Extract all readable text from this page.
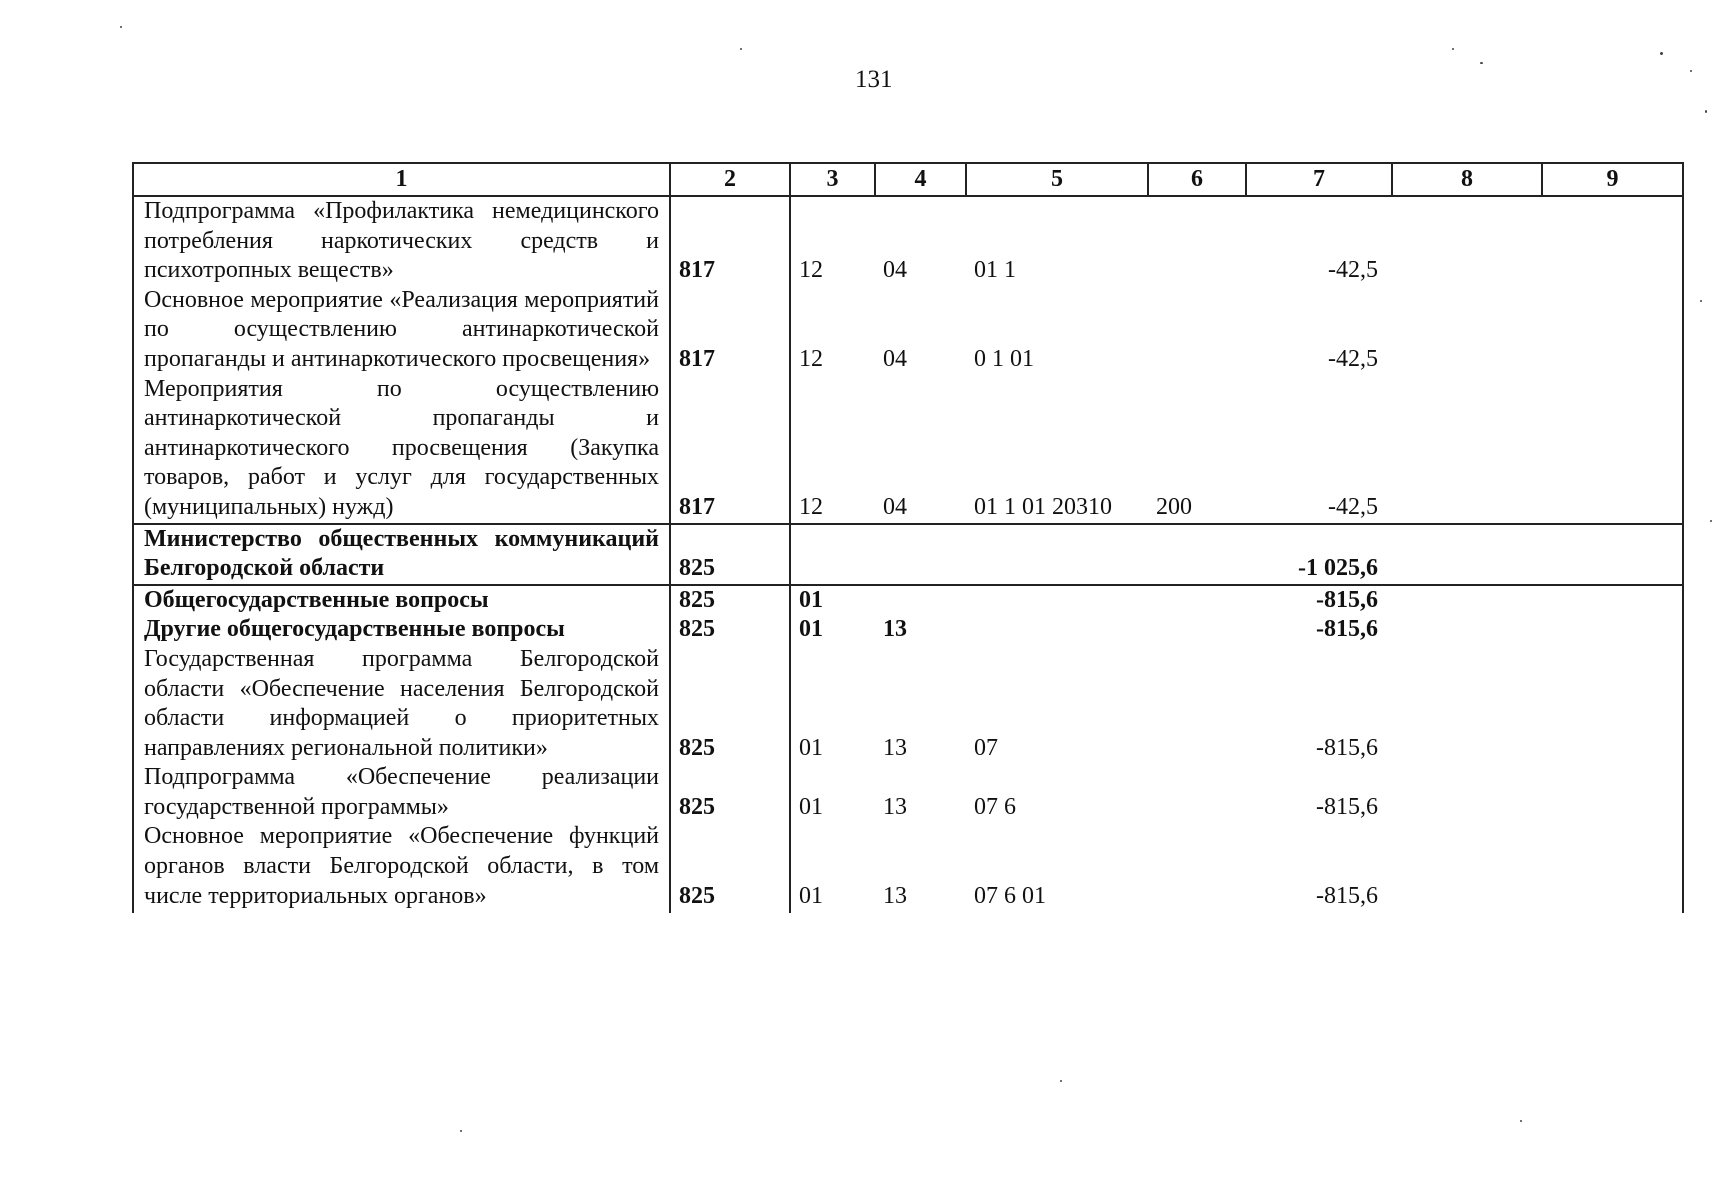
131
1	2	3	4	5	6	7	8	9
Подпрограмма «Профилактика немедицинского потребления наркотических средств и психотропных веществ»	817	12	04	01 1		-42,5		
Основное мероприятие «Реализация мероприятий по осуществлению антинаркотической пропаганды и антинаркотического просвещения»	817	12	04	0 1 01		-42,5		
Мероприятия по осуществлению антинаркотической пропаганды и антинаркотического просвещения (Закупка товаров, работ и услуг для государственных (муниципальных) нужд)	817	12	04	01 1 01 20310	200	-42,5		
Министерство общественных коммуникаций Белгородской области	825					-1 025,6		
Общегосударственные вопросы	825	01				-815,6		
Другие общегосударственные вопросы	825	01	13			-815,6		
Государственная программа Белгородской области «Обеспечение населения Белгородской области информацией о приоритетных направлениях региональной политики»	825	01	13	07		-815,6		
Подпрограмма «Обеспечение реализации государственной программы»	825	01	13	07 6		-815,6		
Основное мероприятие «Обеспечение функций органов власти Белгородской области, в том числе территориальных органов»	825	01	13	07 6 01		-815,6		
